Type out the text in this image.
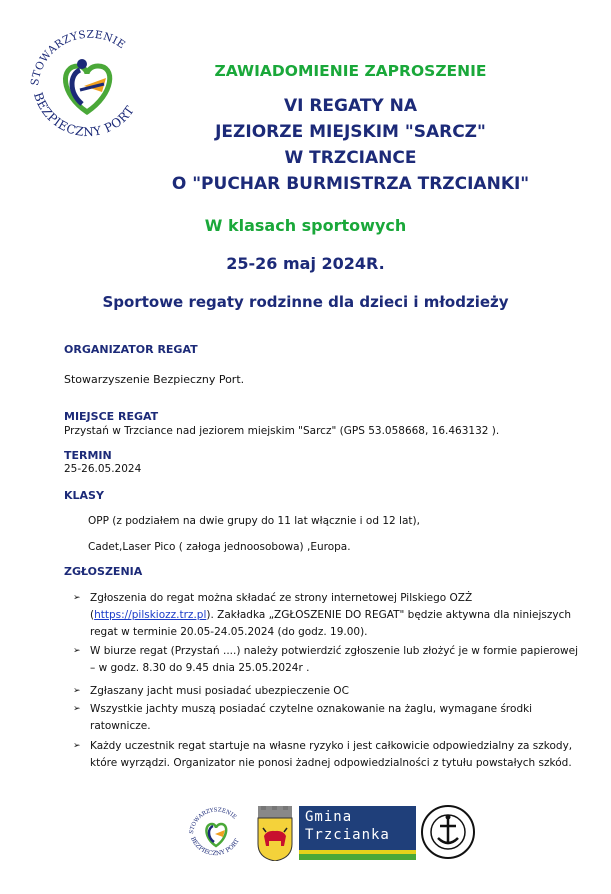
STOWARZYSZENIE
BEZPIECZNY PORT
ZAWIADOMIENIE ZAPROSZENIE
VI REGATY NA
JEZIORZE MIEJSKIM "SARCZ"
W TRZCIANCE
O "PUCHAR BURMISTRZA TRZCIANKI"
W klasach sportowych
25-26 maj 2024R.
Sportowe regaty rodzinne dla dzieci i młodzieży
ORGANIZATOR REGAT
Stowarzyszenie Bezpieczny Port.
MIEJSCE REGAT
Przystań w Trzciance nad jeziorem miejskim "Sarcz" (GPS 53.058668, 16.463132 ).
TERMIN
25-26.05.2024
KLASY
OPP (z podziałem na dwie grupy do 11 lat włącznie i od 12 lat),
Cadet,Laser Pico ( załoga jednoosobowa) ,Europa.
ZGŁOSZENIA
➢ Zgłoszenia do regat można składać ze strony internetowej Pilskiego OZŻ
(https://pilskiozz.trz.pl). Zakładka „ZGŁOSZENIE DO REGAT" będzie aktywna dla niniejszych
regat w terminie 20.05-24.05.2024 (do godz. 19.00).
➢ W biurze regat (Przystań ....) należy potwierdzić zgłoszenie lub złożyć je w formie papierowej
– w godz. 8.30 do 9.45 dnia 25.05.2024r .
➢ Zgłaszany jacht musi posiadać ubezpieczenie OC
➢ Wszystkie jachty muszą posiadać czytelne oznakowanie na żaglu, wymagane środki
ratownicze.
➢ Każdy uczestnik regat startuje na własne ryzyko i jest całkowicie odpowiedzialny za szkody,
które wyrządzi. Organizator nie ponosi żadnej odpowiedzialności z tytułu powstałych szkód.
STOWARZYSZENIE
BEZPIECZNY PORT
Gmina
Trzcianka
